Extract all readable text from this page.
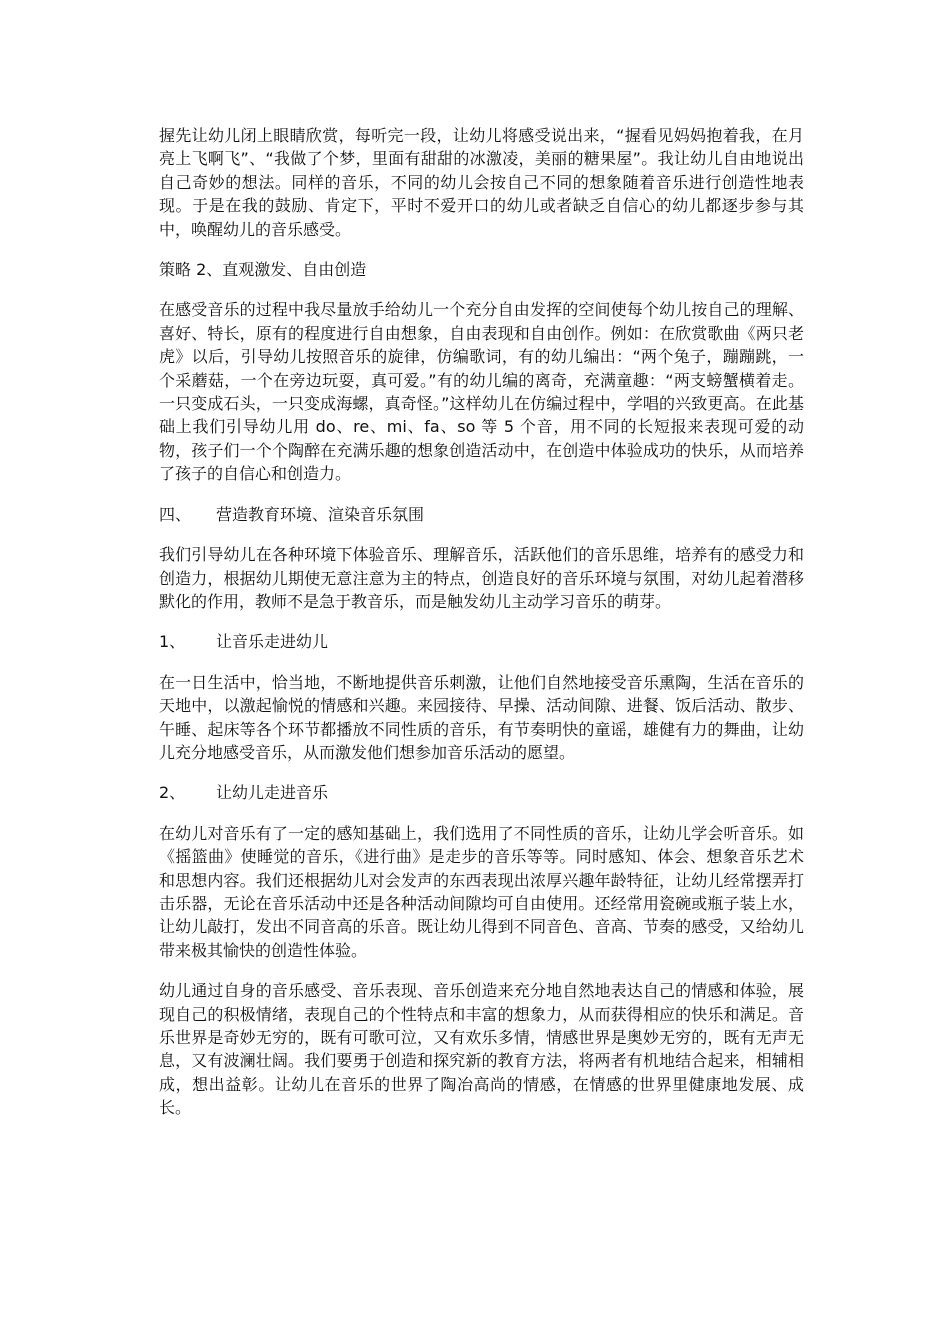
握先让幼儿闭上眼睛欣赏，每听完一段，让幼儿将感受说出来，“握看见妈妈抱着我，在月亮上飞啊飞”、“我做了个梦，里面有甜甜的冰激凌，美丽的糖果屋”。我让幼儿自由地说出自己奇妙的想法。同样的音乐，不同的幼儿会按自己不同的想象随着音乐进行创造性地表现。于是在我的鼓励、肯定下，平时不爱开口的幼儿或者缺乏自信心的幼儿都逐步参与其中，唤醒幼儿的音乐感受。

策略 2、直观激发、自由创造

在感受音乐的过程中我尽量放手给幼儿一个充分自由发挥的空间使每个幼儿按自己的理解、喜好、特长，原有的程度进行自由想象，自由表现和自由创作。例如：在欣赏歌曲《两只老虎》以后，引导幼儿按照音乐的旋律，仿编歌词，有的幼儿编出：“两个兔子，蹦蹦跳，一个采蘑菇，一个在旁边玩耍，真可爱。”有的幼儿编的离奇，充满童趣：“两支螃蟹横着走。一只变成石头，一只变成海螺，真奇怪。”这样幼儿在仿编过程中，学唱的兴致更高。在此基础上我们引导幼儿用 do、re、mi、fa、so 等 5 个音，用不同的长短报来表现可爱的动物，孩子们一个个陶醉在充满乐趣的想象创造活动中，在创造中体验成功的快乐，从而培养了孩子的自信心和创造力。

四、	营造教育环境、渲染音乐氛围

我们引导幼儿在各种环境下体验音乐、理解音乐，活跃他们的音乐思维，培养有的感受力和创造力，根据幼儿期使无意注意为主的特点，创造良好的音乐环境与氛围，对幼儿起着潜移默化的作用，教师不是急于教音乐，而是触发幼儿主动学习音乐的萌芽。

1、	让音乐走进幼儿

在一日生活中，恰当地，不断地提供音乐刺激，让他们自然地接受音乐熏陶，生活在音乐的天地中，以激起愉悦的情感和兴趣。来园接待、早操、活动间隙、进餐、饭后活动、散步、午睡、起床等各个环节都播放不同性质的音乐，有节奏明快的童谣，雄健有力的舞曲，让幼儿充分地感受音乐，从而激发他们想参加音乐活动的愿望。

2、	让幼儿走进音乐

在幼儿对音乐有了一定的感知基础上，我们选用了不同性质的音乐，让幼儿学会听音乐。如《摇篮曲》使睡觉的音乐，《进行曲》是走步的音乐等等。同时感知、体会、想象音乐艺术和思想内容。我们还根据幼儿对会发声的东西表现出浓厚兴趣年龄特征，让幼儿经常摆弄打击乐器，无论在音乐活动中还是各种活动间隙均可自由使用。还经常用瓷碗或瓶子装上水，让幼儿敲打，发出不同音高的乐音。既让幼儿得到不同音色、音高、节奏的感受，又给幼儿带来极其愉快的创造性体验。

幼儿通过自身的音乐感受、音乐表现、音乐创造来充分地自然地表达自己的情感和体验，展现自己的积极情绪，表现自己的个性特点和丰富的想象力，从而获得相应的快乐和满足。音乐世界是奇妙无穷的，既有可歌可泣，又有欢乐多情，情感世界是奥妙无穷的，既有无声无息，又有波澜壮阔。我们要勇于创造和探究新的教育方法，将两者有机地结合起来，相辅相成，想出益彰。让幼儿在音乐的世界了陶冶高尚的情感，在情感的世界里健康地发展、成长。
